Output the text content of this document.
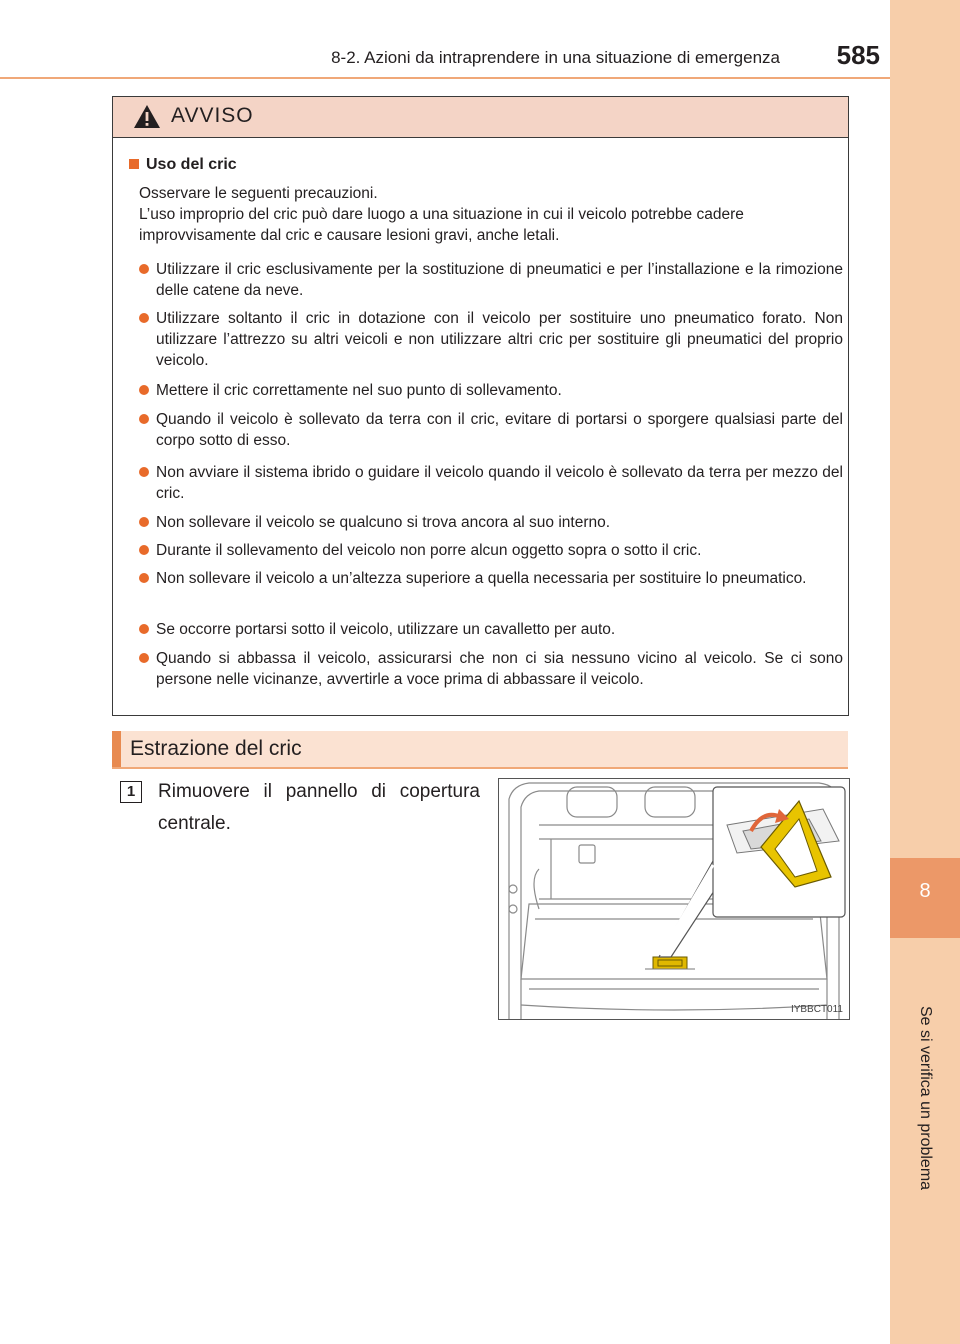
8-2. Azioni da intraprendere in una situazione di emergenza	585
8
Se si verifica un problema
AVVISO
Uso del cric
Osservare le seguenti precauzioni.
L’uso improprio del cric può dare luogo a una situazione in cui il veicolo potrebbe cadere improvvisamente dal cric e causare lesioni gravi, anche letali.
Utilizzare il cric esclusivamente per la sostituzione di pneumatici e per l’installazione e la rimozione delle catene da neve.
Utilizzare soltanto il cric in dotazione con il veicolo per sostituire uno pneumatico forato. Non utilizzare l’attrezzo su altri veicoli e non utilizzare altri cric per sostituire gli pneumatici del proprio veicolo.
Mettere il cric correttamente nel suo punto di sollevamento.
Quando il veicolo è sollevato da terra con il cric, evitare di portarsi o sporgere qualsiasi parte del corpo sotto di esso.
Non avviare il sistema ibrido o guidare il veicolo quando il veicolo è sollevato da terra per mezzo del cric.
Non sollevare il veicolo se qualcuno si trova ancora al suo interno.
Durante il sollevamento del veicolo non porre alcun oggetto sopra o sotto il cric.
Non sollevare il veicolo a un’altezza superiore a quella necessaria per sostituire lo pneumatico.
Se occorre portarsi sotto il veicolo, utilizzare un cavalletto per auto.
Quando si abbassa il veicolo, assicurarsi che non ci sia nessuno vicino al veicolo. Se ci sono persone nelle vicinanze, avvertirle a voce prima di abbassare il veicolo.
Estrazione del cric
1	Rimuovere il pannello di copertura centrale.
IYBBCT011
